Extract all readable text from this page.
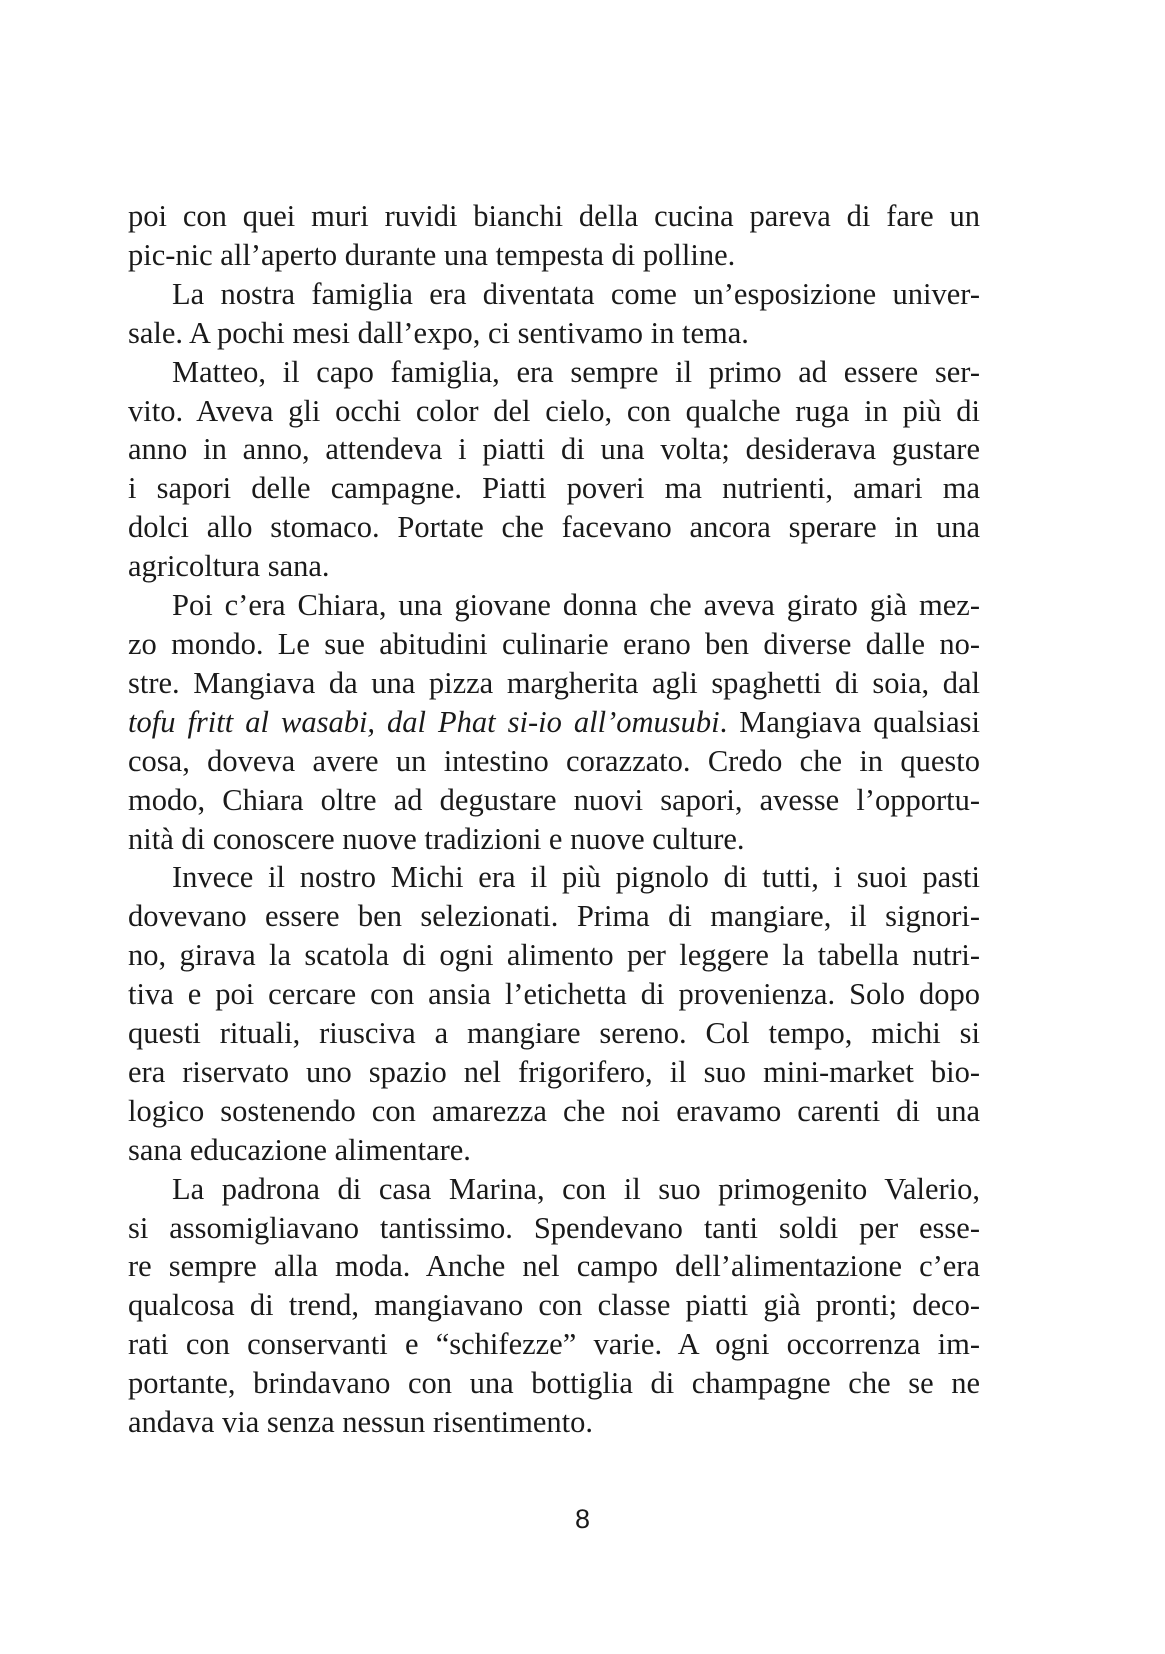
poi con quei muri ruvidi bianchi della cucina pareva di fare un
pic-nic all’aperto durante una tempesta di polline.

La nostra famiglia era diventata come un’esposizione univer-
sale. A pochi mesi dall’expo, ci sentivamo in tema.

Matteo, il capo famiglia, era sempre il primo ad essere ser-
vito. Aveva gli occhi color del cielo, con qualche ruga in più di
anno in anno, attendeva i piatti di una volta; desiderava gustare
i sapori delle campagne. Piatti poveri ma nutrienti, amari ma
dolci allo stomaco. Portate che facevano ancora sperare in una
agricoltura sana.

Poi c’era Chiara, una giovane donna che aveva girato già mez-
zo mondo. Le sue abitudini culinarie erano ben diverse dalle no-
stre. Mangiava da una pizza margherita agli spaghetti di soia, dal
tofu fritt al wasabi, dal Phat si-io all’omusubi. Mangiava qualsiasi
cosa, doveva avere un intestino corazzato. Credo che in questo
modo, Chiara oltre ad degustare nuovi sapori, avesse l’opportu-
nità di conoscere nuove tradizioni e nuove culture.

Invece il nostro Michi era il più pignolo di tutti, i suoi pasti
dovevano essere ben selezionati. Prima di mangiare, il signori-
no, girava la scatola di ogni alimento per leggere la tabella nutri-
tiva e poi cercare con ansia l’etichetta di provenienza. Solo dopo
questi rituali, riusciva a mangiare sereno. Col tempo, michi si
era riservato uno spazio nel frigorifero, il suo mini-market bio-
logico sostenendo con amarezza che noi eravamo carenti di una
sana educazione alimentare.

La padrona di casa Marina, con il suo primogenito Valerio,
si assomigliavano tantissimo. Spendevano tanti soldi per esse-
re sempre alla moda. Anche nel campo dell’alimentazione c’era
qualcosa di trend, mangiavano con classe piatti già pronti; deco-
rati con conservanti e “schifezze” varie. A ogni occorrenza im-
portante, brindavano con una bottiglia di champagne che se ne
andava via senza nessun risentimento.

8
